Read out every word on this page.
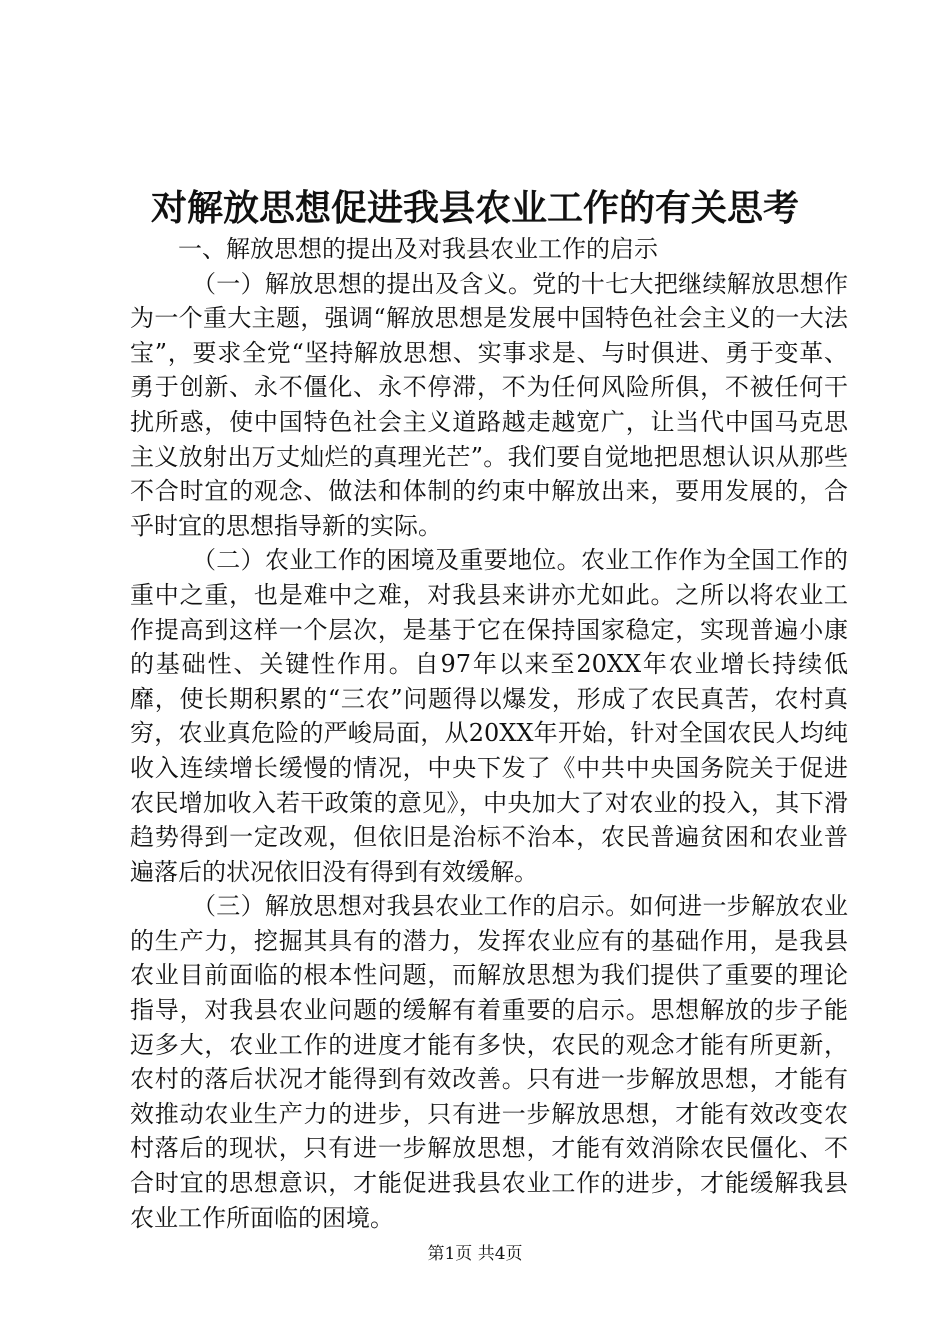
对解放思想促进我县农业工作的有关思考

一、解放思想的提出及对我县农业工作的启示

（一）解放思想的提出及含义。党的十七大把继续解放思想作为一个重大主题，强调“解放思想是发展中国特色社会主义的一大法宝”，要求全党“坚持解放思想、实事求是、与时俱进、勇于变革、勇于创新、永不僵化、永不停滞，不为任何风险所俱，不被任何干扰所惑，使中国特色社会主义道路越走越宽广，让当代中国马克思主义放射出万丈灿烂的真理光芒”。我们要自觉地把思想认识从那些不合时宜的观念、做法和体制的约束中解放出来，要用发展的，合乎时宜的思想指导新的实际。

（二）农业工作的困境及重要地位。农业工作作为全国工作的重中之重，也是难中之难，对我县来讲亦尤如此。之所以将农业工作提高到这样一个层次，是基于它在保持国家稳定，实现普遍小康的基础性、关键性作用。自97年以来至20XX年农业增长持续低靡，使长期积累的“三农”问题得以爆发，形成了农民真苦，农村真穷，农业真危险的严峻局面，从20XX年开始，针对全国农民人均纯收入连续增长缓慢的情况，中央下发了《中共中央国务院关于促进农民增加收入若干政策的意见》，中央加大了对农业的投入，其下滑趋势得到一定改观，但依旧是治标不治本，农民普遍贫困和农业普遍落后的状况依旧没有得到有效缓解。

（三）解放思想对我县农业工作的启示。如何进一步解放农业的生产力，挖掘其具有的潜力，发挥农业应有的基础作用，是我县农业目前面临的根本性问题，而解放思想为我们提供了重要的理论指导，对我县农业问题的缓解有着重要的启示。思想解放的步子能迈多大，农业工作的进度才能有多快，农民的观念才能有所更新，农村的落后状况才能得到有效改善。只有进一步解放思想，才能有效推动农业生产力的进步，只有进一步解放思想，才能有效改变农村落后的现状，只有进一步解放思想，才能有效消除农民僵化、不合时宜的思想意识，才能促进我县农业工作的进步，才能缓解我县农业工作所面临的困境。

第1页 共4页
